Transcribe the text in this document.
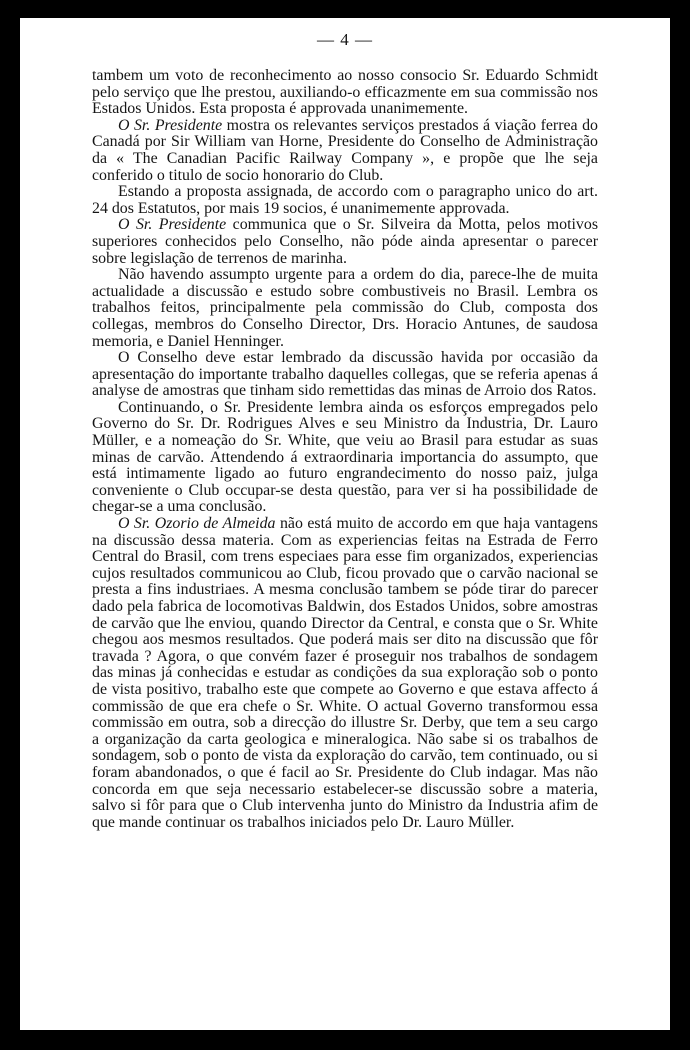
— 4 —

tambem um voto de reconhecimento ao nosso consocio Sr. Eduardo Schmidt pelo serviço que lhe prestou, auxiliando-o efficazmente em sua commissão nos Estados Unidos. Esta proposta é approvada unanimemente.

O Sr. Presidente mostra os relevantes serviços prestados á viação ferrea do Canadá por Sir William van Horne, Presidente do Conselho de Administração da « The Canadian Pacific Railway Company », e propõe que lhe seja conferido o titulo de socio honorario do Club.

Estando a proposta assignada, de accordo com o paragrapho unico do art. 24 dos Estatutos, por mais 19 socios, é unanimemente approvada.

O Sr. Presidente communica que o Sr. Silveira da Motta, pelos motivos superiores conhecidos pelo Conselho, não póde ainda apresentar o parecer sobre legislação de terrenos de marinha.

Não havendo assumpto urgente para a ordem do dia, parece-lhe de muita actualidade a discussão e estudo sobre combustiveis no Brasil. Lembra os trabalhos feitos, principalmente pela commissão do Club, composta dos collegas, membros do Conselho Director, Drs. Horacio Antunes, de saudosa memoria, e Daniel Henninger.

O Conselho deve estar lembrado da discussão havida por occasião da apresentação do importante trabalho daquelles collegas, que se referia apenas á analyse de amostras que tinham sido remettidas das minas de Arroio dos Ratos.

Continuando, o Sr. Presidente lembra ainda os esforços empregados pelo Governo do Sr. Dr. Rodrigues Alves e seu Ministro da Industria, Dr. Lauro Müller, e a nomeação do Sr. White, que veiu ao Brasil para estudar as suas minas de carvão. Attendendo á extraordinaria importancia do assumpto, que está intimamente ligado ao futuro engrandecimento do nosso paiz, julga conveniente o Club occupar-se desta questão, para ver si ha possibilidade de chegar-se a uma conclusão.

O Sr. Ozorio de Almeida não está muito de accordo em que haja vantagens na discussão dessa materia. Com as experiencias feitas na Estrada de Ferro Central do Brasil, com trens especiaes para esse fim organizados, experiencias cujos resultados communicou ao Club, ficou provado que o carvão nacional se presta a fins industriaes. A mesma conclusão tambem se póde tirar do parecer dado pela fabrica de locomotivas Baldwin, dos Estados Unidos, sobre amostras de carvão que lhe enviou, quando Director da Central, e consta que o Sr. White chegou aos mesmos resultados. Que poderá mais ser dito na discussão que fôr travada ? Agora, o que convém fazer é proseguir nos trabalhos de sondagem das minas já conhecidas e estudar as condições da sua exploração sob o ponto de vista positivo, trabalho este que compete ao Governo e que estava affecto á commissão de que era chefe o Sr. White. O actual Governo transformou essa commissão em outra, sob a direcção do illustre Sr. Derby, que tem a seu cargo a organização da carta geologica e mineralogica. Não sabe si os trabalhos de sondagem, sob o ponto de vista da exploração do carvão, tem continuado, ou si foram abandonados, o que é facil ao Sr. Presidente do Club indagar. Mas não concorda em que seja necessario estabelecer-se discussão sobre a materia, salvo si fôr para que o Club intervenha junto do Ministro da Industria afim de que mande continuar os trabalhos iniciados pelo Dr. Lauro Müller.
